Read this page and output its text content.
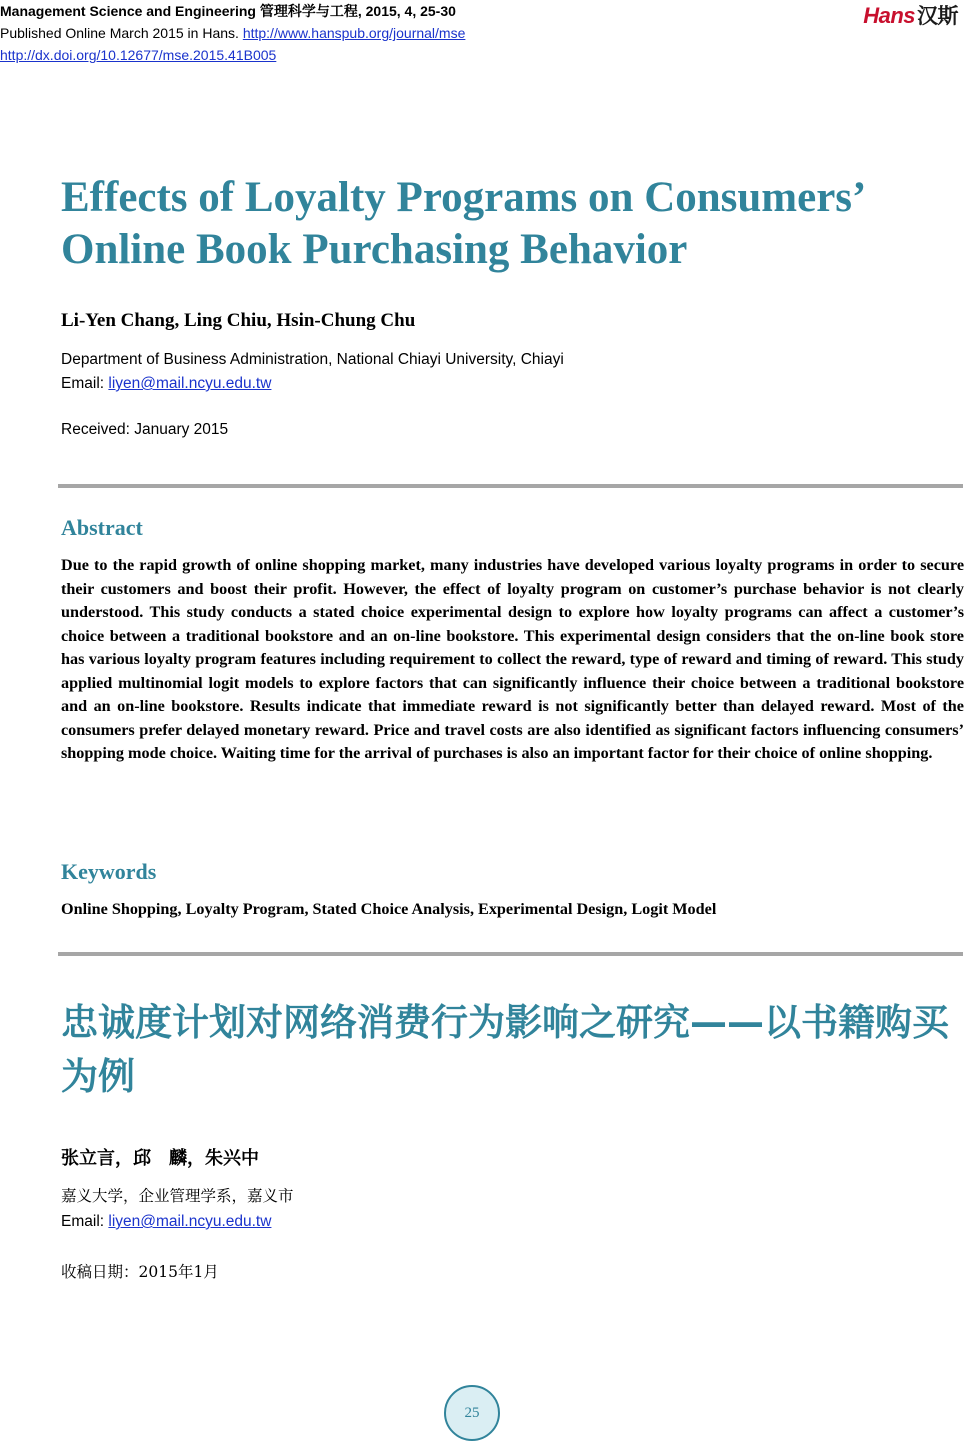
Management Science and Engineering 管理科学与工程, 2015, 4, 25-30
Published Online March 2015 in Hans. http://www.hanspub.org/journal/mse
http://dx.doi.org/10.12677/mse.2015.41B005
Hans汉斯
Effects of Loyalty Programs on Consumers’
Online Book Purchasing Behavior
Li-Yen Chang, Ling Chiu, Hsin-Chung Chu
Department of Business Administration, National Chiayi University, Chiayi
Email: liyen@mail.ncyu.edu.tw
Received: January 2015
Abstract

Due to the rapid growth of online shopping market, many industries have developed various loyalty programs in order to secure their customers and boost their profit. However, the effect of loyalty program on customer’s purchase behavior is not clearly understood. This study conducts a stated choice experimental design to explore how loyalty programs can affect a customer’s choice between a traditional bookstore and an on-line bookstore. This experimental design considers that the on-line book store has various loyalty program features including requirement to collect the reward, type of reward and timing of reward. This study applied multinomial logit models to explore factors that can significantly influence their choice between a traditional bookstore and an on-line bookstore. Results indicate that immediate reward is not significantly better than delayed reward. Most of the consumers prefer delayed monetary reward. Price and travel costs are also identified as significant factors influencing consumers’ shopping mode choice. Waiting time for the arrival of purchases is also an important factor for their choice of online shopping.

Keywords
Online Shopping, Loyalty Program, Stated Choice Analysis, Experimental Design, Logit Model
忠诚度计划对网络消费行为影响之研究——以书籍购买为例
张立言，邱　麟，朱兴中
嘉义大学，企业管理学系，嘉义市
Email: liyen@mail.ncyu.edu.tw
收稿日期：2015年1月
25
